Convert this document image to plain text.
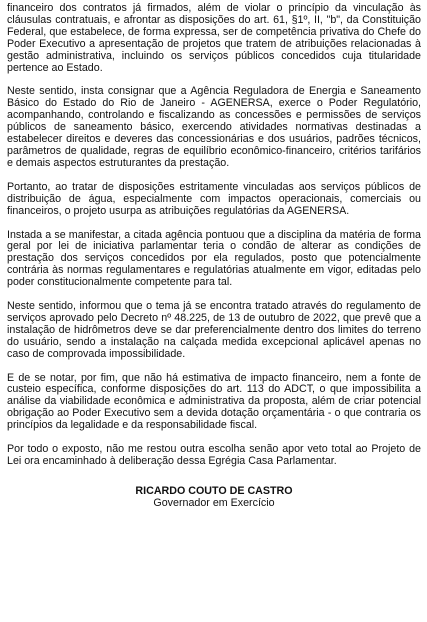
financeiro dos contratos já firmados, além de violar o princípio da vinculação às cláusulas contratuais, e afrontar as disposições do art. 61, §1º, II, "b", da Constituição Federal, que estabelece, de forma expressa, ser de competência privativa do Chefe do Poder Executivo a apresentação de projetos que tratem de atribuições relacionadas à gestão administrativa, incluindo os serviços públicos concedidos cuja titularidade pertence ao Estado.

Neste sentido, insta consignar que a Agência Reguladora de Energia e Saneamento Básico do Estado do Rio de Janeiro - AGENERSA, exerce o Poder Regulatório, acompanhando, controlando e fiscalizando as concessões e permissões de serviços públicos de saneamento básico, exercendo atividades normativas destinadas a estabelecer direitos e deveres das concessionárias e dos usuários, padrões técnicos, parâmetros de qualidade, regras de equilíbrio econômico-financeiro, critérios tarifários e demais aspectos estruturantes da prestação.

Portanto, ao tratar de disposições estritamente vinculadas aos serviços públicos de distribuição de água, especialmente com impactos operacionais, comerciais ou financeiros, o projeto usurpa as atribuições regulatórias da AGENERSA.

Instada a se manifestar, a citada agência pontuou que a disciplina da matéria de forma geral por lei de iniciativa parlamentar teria o condão de alterar as condições de prestação dos serviços concedidos por ela regulados, posto que potencialmente contrária às normas regulamentares e regulatórias atualmente em vigor, editadas pelo poder constitucionalmente competente para tal.

Neste sentido, informou que o tema já se encontra tratado através do regulamento de serviços aprovado pelo Decreto nº 48.225, de 13 de outubro de 2022, que prevê que a instalação de hidrômetros deve se dar preferencialmente dentro dos limites do terreno do usuário, sendo a instalação na calçada medida excepcional aplicável apenas no caso de comprovada impossibilidade.

E de se notar, por fim, que não há estimativa de impacto financeiro, nem a fonte de custeio específica, conforme disposições do art. 113 do ADCT, o que impossibilita a análise da viabilidade econômica e administrativa da proposta, além de criar potencial obrigação ao Poder Executivo sem a devida dotação orçamentária - o que contraria os princípios da legalidade e da responsabilidade fiscal.

Por todo o exposto, não me restou outra escolha senão apor veto total ao Projeto de Lei ora encaminhado à deliberação dessa Egrégia Casa Parlamentar.

RICARDO COUTO DE CASTRO
Governador em Exercício
